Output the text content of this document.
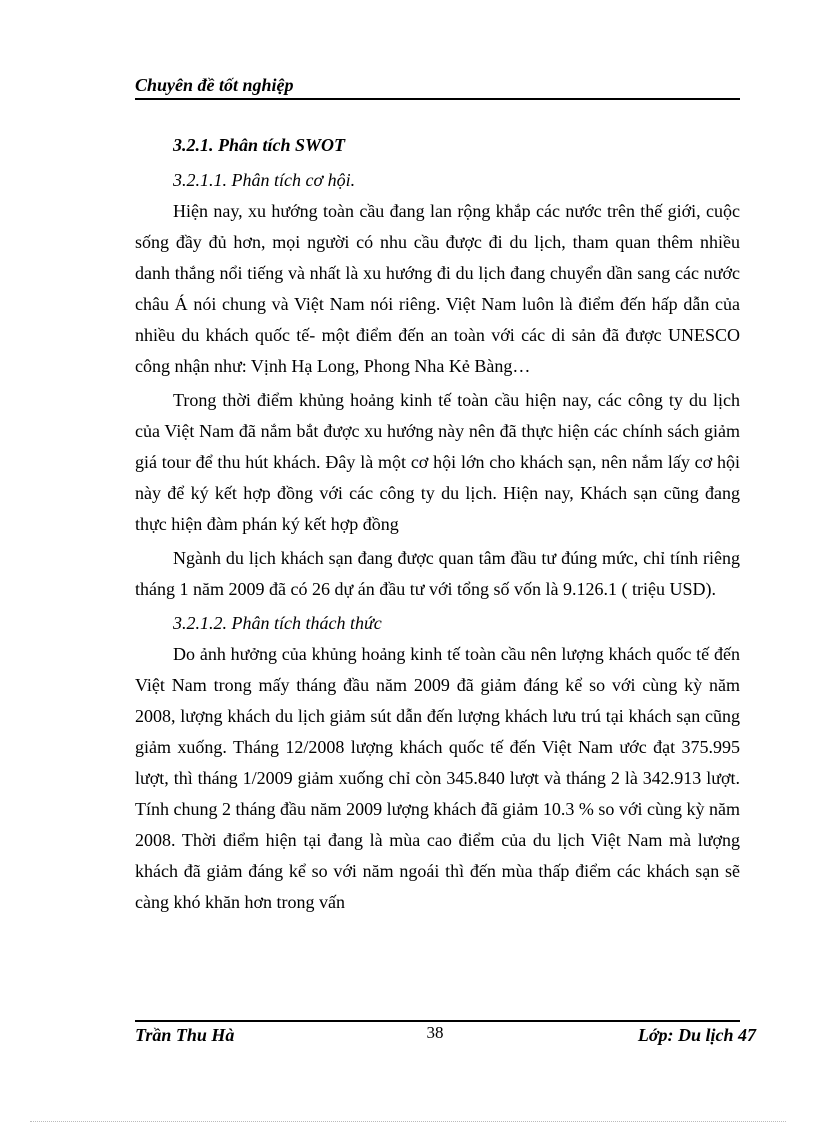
Chuyên đề tốt nghiệp
3.2.1. Phân tích SWOT
3.2.1.1. Phân tích cơ hội.

Hiện nay, xu hướng toàn cầu đang lan rộng khắp các nước trên thế giới, cuộc sống đầy đủ hơn, mọi người có nhu cầu được đi du lịch, tham quan thêm nhiều danh thắng nổi tiếng và nhất là xu hướng đi du lịch đang chuyển dần sang các nước châu Á nói chung và Việt Nam nói riêng. Việt Nam luôn là điểm đến hấp dẫn của nhiều du khách quốc tế- một điểm đến an toàn với các di sản đã được UNESCO công nhận như: Vịnh Hạ Long, Phong Nha Kẻ Bàng…

Trong thời điểm khủng hoảng kinh tế toàn cầu hiện nay, các công ty du lịch của Việt Nam đã nắm bắt được xu hướng này nên đã thực hiện các chính sách giảm giá tour để thu hút khách. Đây là một cơ hội lớn cho khách sạn, nên nắm lấy cơ hội này để ký kết hợp đồng với các công ty du lịch. Hiện nay, Khách sạn cũng đang thực hiện đàm phán ký kết hợp đồng

Ngành du lịch khách sạn đang được quan tâm đầu tư đúng mức, chỉ tính riêng tháng 1 năm 2009 đã có 26 dự án đầu tư với tổng số vốn là 9.126.1 ( triệu USD).

3.2.1.2. Phân tích thách thức

Do ảnh hưởng của khủng hoảng kinh tế toàn cầu nên lượng khách quốc tế đến Việt Nam trong mấy tháng đầu năm 2009 đã giảm đáng kể so với cùng kỳ năm 2008, lượng khách du lịch giảm sút dẫn đến lượng khách lưu trú tại khách sạn cũng giảm xuống. Tháng 12/2008 lượng khách quốc tế đến Việt Nam ước đạt 375.995 lượt, thì tháng 1/2009 giảm xuống chỉ còn 345.840 lượt và tháng 2 là 342.913 lượt. Tính chung 2 tháng đầu năm 2009 lượng khách đã giảm 10.3 % so với cùng kỳ năm 2008. Thời điểm hiện tại đang là mùa cao điểm của du lịch Việt Nam mà lượng khách đã giảm đáng kể so với năm ngoái thì đến mùa thấp điểm các khách sạn sẽ càng khó khăn hơn trong vấn

Trần Thu Hà	38	Lớp: Du lịch 47
